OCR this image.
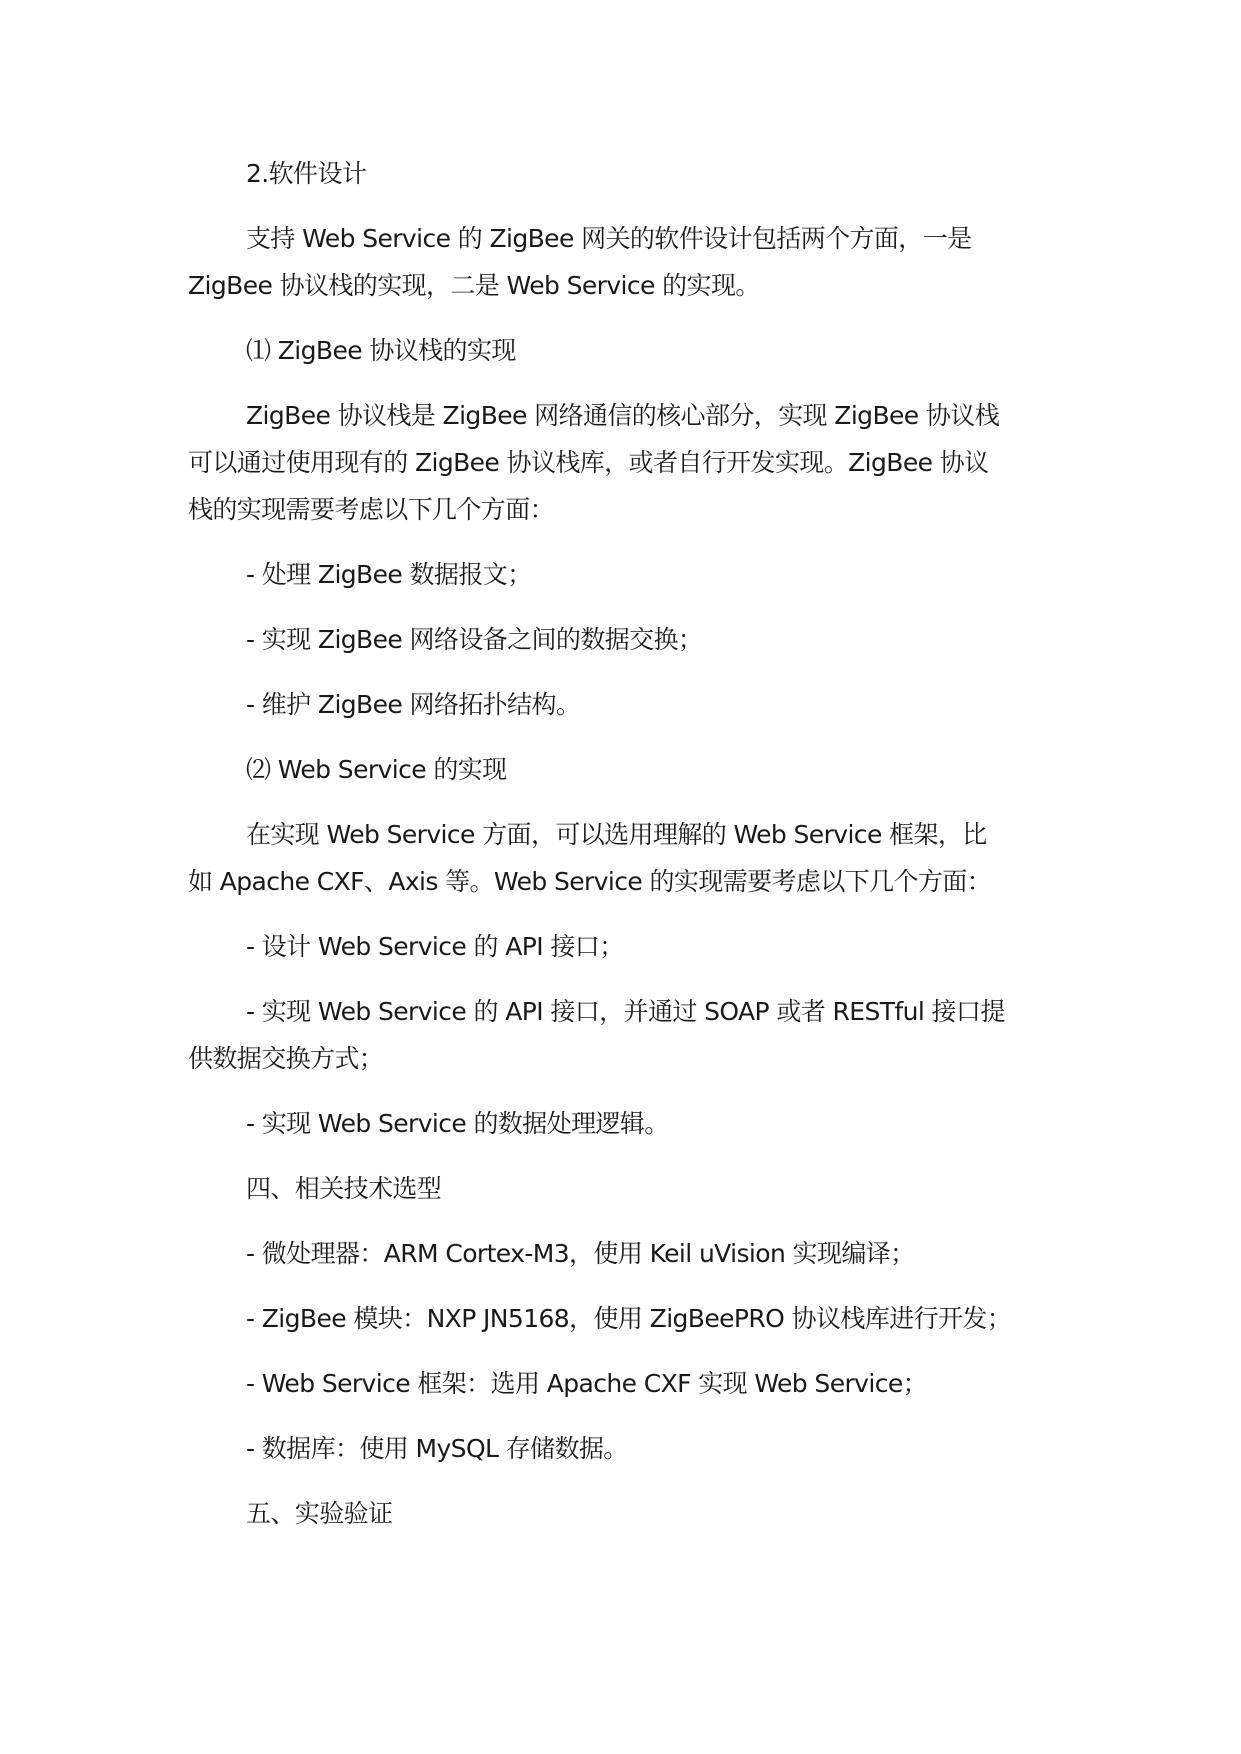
2.软件设计

支持 Web Service 的 ZigBee 网关的软件设计包括两个方面，一是
ZigBee 协议栈的实现，二是 Web Service 的实现。

⑴ ZigBee 协议栈的实现

ZigBee 协议栈是 ZigBee 网络通信的核心部分，实现 ZigBee 协议栈
可以通过使用现有的 ZigBee 协议栈库，或者自行开发实现。ZigBee 协议
栈的实现需要考虑以下几个方面：

- 处理 ZigBee 数据报文；

- 实现 ZigBee 网络设备之间的数据交换；

- 维护 ZigBee 网络拓扑结构。

⑵ Web Service 的实现

在实现 Web Service 方面，可以选用理解的 Web Service 框架，比
如 Apache CXF、Axis 等。Web Service 的实现需要考虑以下几个方面：

- 设计 Web Service 的 API 接口；

- 实现 Web Service 的 API 接口，并通过 SOAP 或者 RESTful 接口提
供数据交换方式；

- 实现 Web Service 的数据处理逻辑。

四、相关技术选型

- 微处理器：ARM Cortex-M3，使用 Keil uVision 实现编译；

- ZigBee 模块：NXP JN5168，使用 ZigBeePRO 协议栈库进行开发；

- Web Service 框架：选用 Apache CXF 实现 Web Service；

- 数据库：使用 MySQL 存储数据。

五、实验验证
